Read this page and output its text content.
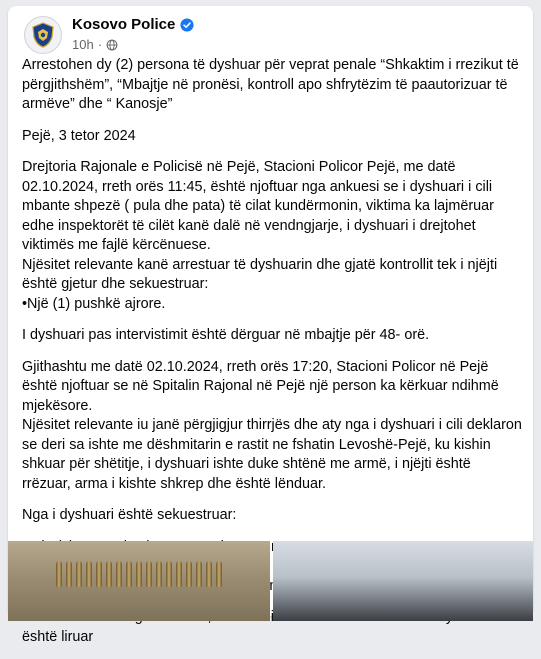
Kosovo Police
10h ·

Arrestohen dy (2) persona të dyshuar për veprat penale “Shkaktim i rrezikut të përgjithshëm”, “Mbajtje në pronësi, kontroll apo shfrytëzim të paautorizuar të armëve” dhe “ Kanosje”

Pejë, 3 tetor 2024

Drejtoria Rajonale e Policisë në Pejë, Stacioni Policor Pejë, me datë 02.10.2024, rreth orës 11:45, është njoftuar nga ankuesi se i dyshuari i cili mbante shpezë ( pula dhe pata) të cilat kundërmonin, viktima ka lajmëruar edhe inspektorët të cilët kanë dalë në vendngjarje, i dyshuari i drejtohet viktimës me fajlë kërcënuese.
Njësitet relevante kanë arrestuar të dyshuarin dhe gjatë kontrollit tek i njëjti është gjetur dhe sekuestruar:
•Një (1) pushkë ajrore.

I dyshuari pas intervistimit është dërguar në mbajtje për 48- orë.

Gjithashtu me datë 02.10.2024, rreth orës 17:20, Stacioni Policor në Pejë është njoftuar se në Spitalin Rajonal në Pejë një person ka kërkuar ndihmë mjekësore.
Njësitet relevante iu janë përgjigjur thirrjës dhe aty nga i dyshuari i cili deklaron se deri sa ishte me dëshmitarin e rastit ne fshatin Levoshë-Pejë, ku kishin shkuar për shëtitje, i dyshuari ishte duke shtënë me armë, i njëjti është rrëzuar, arma i kishte shkrep dhe është lënduar.

Nga i dyshuari është sekuestruar:

është liruar
